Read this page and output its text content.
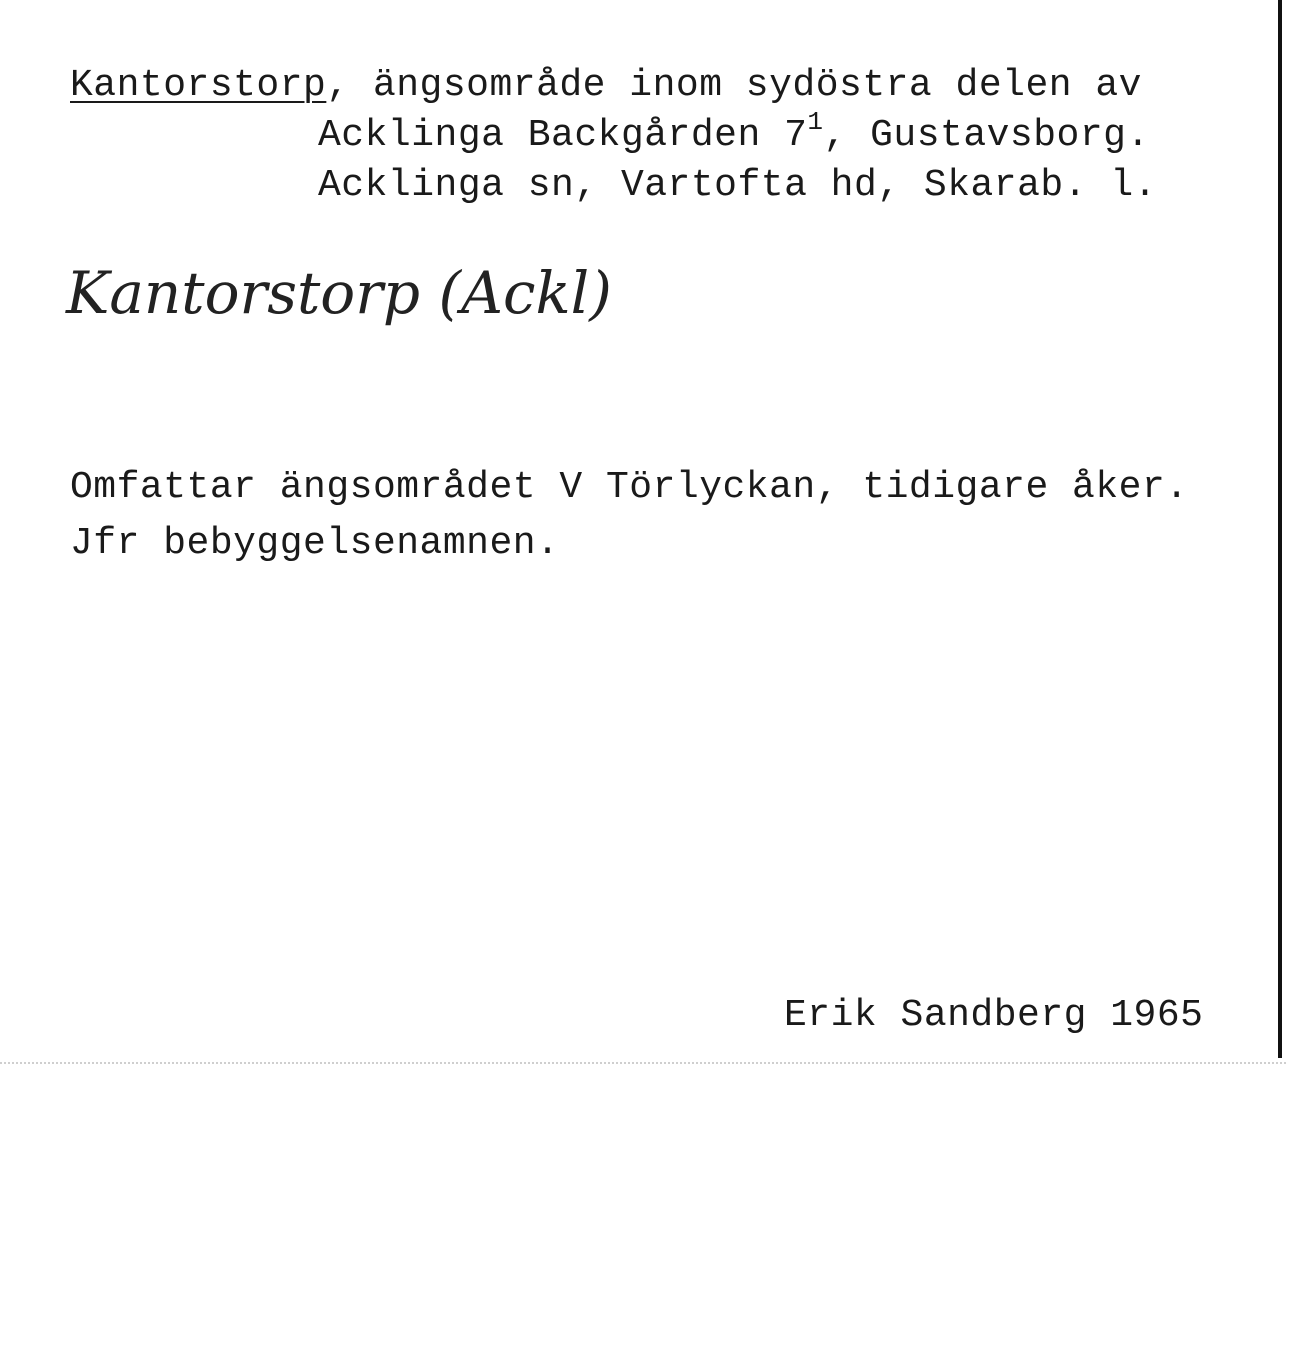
Kantorstorp, ängsområde inom sydöstra delen av
Acklinga Backgården $7^1$, Gustavsborg.
Acklinga sn, Vartofta hd, Skarab. l.
Kantorstorp (Ackl)
Omfattar ängsområdet V Törlyckan, tidigare åker.
Jfr bebyggelsenamnen.
Erik Sandberg 1965
